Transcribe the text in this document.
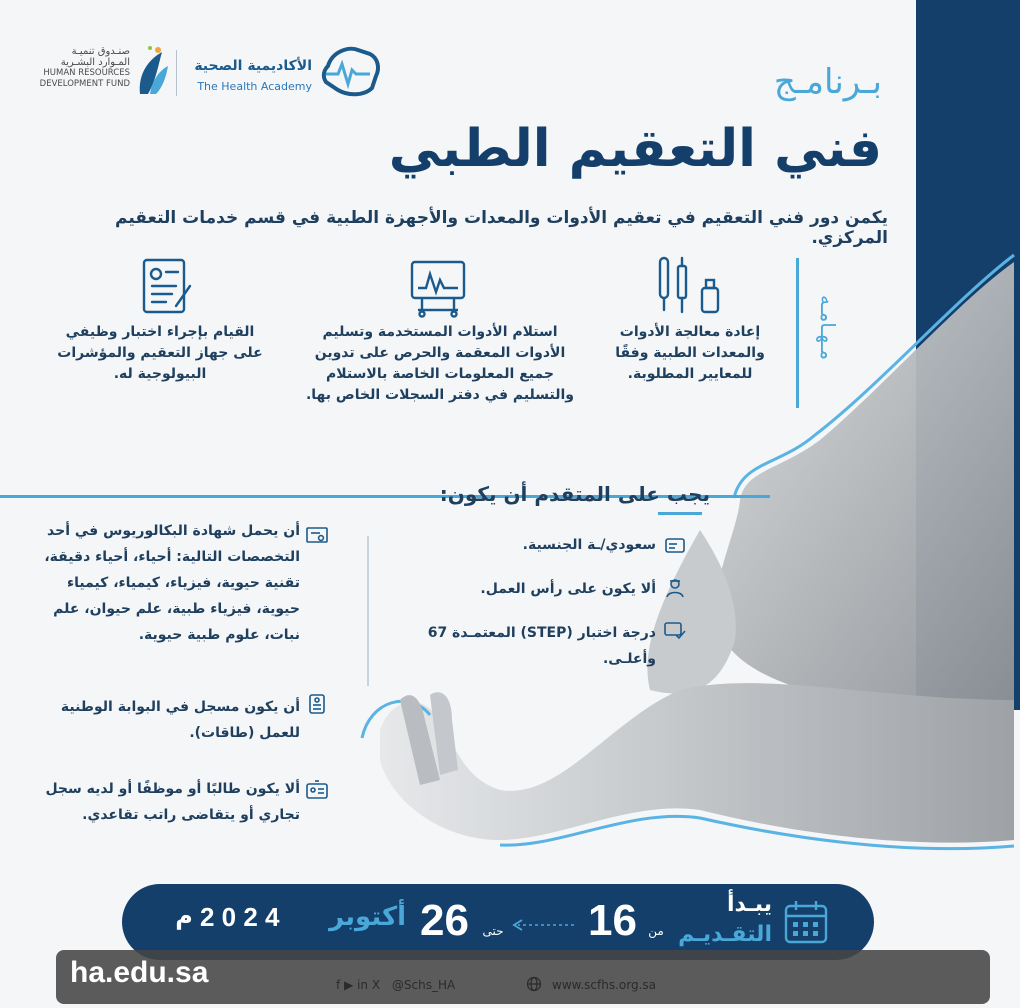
صنـدوق تنميـة
المـوارد البشـرية
HUMAN RESOURCES
DEVELOPMENT FUND
الأكاديمية الصحية
The Health Academy	بـرنامـج
فني التعقيم الطبي
يكمن دور فني التعقيم في تعقيم الأدوات والمعدات والأجهزة الطبية في قسم خدمات التعقيم المركزي.
مـهـامـه
إعادة معالجة الأدوات والمعدات الطبية وفقًا للمعايير المطلوبة.
استلام الأدوات المستخدمة وتسليم الأدوات المعقمة والحرص على تدوين جميع المعلومات الخاصة بالاستلام والتسليم في دفتر السجلات الخاص بها.
القيام بإجراء اختبار وظيفي على جهاز التعقيم والمؤشرات البيولوجية له.
يجب على المتقدم أن يكون:
سعودي/ـة الجنسية.
ألا يكون على رأس العمل.
درجة اختبار (STEP) المعتمـدة 67 وأعلـى.
أن يحمل شهادة البكالوريوس في أحد التخصصات التالية: أحياء، أحياء دقيقة، تقنية حيوية، فيزياء، كيمياء، كيمياء حيوية، فيزياء طبية، علم حيوان، علم نبات، علوم طبية حيوية.
أن يكون مسجل في البوابة الوطنية للعمل (طاقات).
ألا يكون طالبًا أو موظفًا أو لديه سجل تجاري أو يتقاضى راتب تقاعدي.
يبـدأ
التقـديـم
من
16
حتى
26
أكتوبر
2 0 2 4
م
ha.edu.sa	f ▶ in X @Schs_HA	www.scfhs.org.sa
